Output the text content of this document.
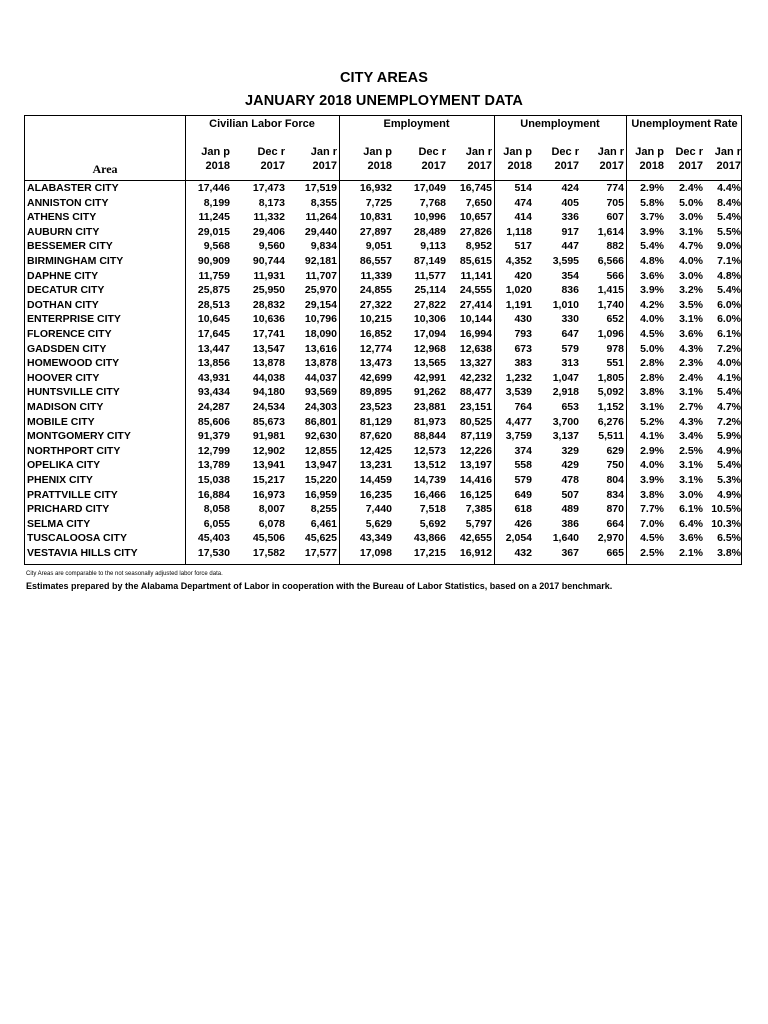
CITY AREAS
JANUARY 2018 UNEMPLOYMENT DATA
Area
Civilian Labor Force	Employment	Unemployment	Unemployment Rate
Jan p
2018
Dec r
2017
Jan r
2017
Jan p
2018
Dec r
2017
Jan r
2017
Jan p
2018
Dec r
2017
Jan r
2017
Jan p
2018
Dec r
2017
Jan r
2017
ALABASTER CITY	17,446	17,473	17,519	16,932	17,049	16,745	514	424	774	2.9%	2.4%	4.4%
ANNISTON CITY	8,199	8,173	8,355	7,725	7,768	7,650	474	405	705	5.8%	5.0%	8.4%
ATHENS CITY	11,245	11,332	11,264	10,831	10,996	10,657	414	336	607	3.7%	3.0%	5.4%
AUBURN CITY	29,015	29,406	29,440	27,897	28,489	27,826	1,118	917	1,614	3.9%	3.1%	5.5%
BESSEMER CITY	9,568	9,560	9,834	9,051	9,113	8,952	517	447	882	5.4%	4.7%	9.0%
BIRMINGHAM CITY	90,909	90,744	92,181	86,557	87,149	85,615	4,352	3,595	6,566	4.8%	4.0%	7.1%
DAPHNE CITY	11,759	11,931	11,707	11,339	11,577	11,141	420	354	566	3.6%	3.0%	4.8%
DECATUR CITY	25,875	25,950	25,970	24,855	25,114	24,555	1,020	836	1,415	3.9%	3.2%	5.4%
DOTHAN CITY	28,513	28,832	29,154	27,322	27,822	27,414	1,191	1,010	1,740	4.2%	3.5%	6.0%
ENTERPRISE CITY	10,645	10,636	10,796	10,215	10,306	10,144	430	330	652	4.0%	3.1%	6.0%
FLORENCE CITY	17,645	17,741	18,090	16,852	17,094	16,994	793	647	1,096	4.5%	3.6%	6.1%
GADSDEN CITY	13,447	13,547	13,616	12,774	12,968	12,638	673	579	978	5.0%	4.3%	7.2%
HOMEWOOD CITY	13,856	13,878	13,878	13,473	13,565	13,327	383	313	551	2.8%	2.3%	4.0%
HOOVER CITY	43,931	44,038	44,037	42,699	42,991	42,232	1,232	1,047	1,805	2.8%	2.4%	4.1%
HUNTSVILLE CITY	93,434	94,180	93,569	89,895	91,262	88,477	3,539	2,918	5,092	3.8%	3.1%	5.4%
MADISON CITY	24,287	24,534	24,303	23,523	23,881	23,151	764	653	1,152	3.1%	2.7%	4.7%
MOBILE CITY	85,606	85,673	86,801	81,129	81,973	80,525	4,477	3,700	6,276	5.2%	4.3%	7.2%
MONTGOMERY CITY	91,379	91,981	92,630	87,620	88,844	87,119	3,759	3,137	5,511	4.1%	3.4%	5.9%
NORTHPORT CITY	12,799	12,902	12,855	12,425	12,573	12,226	374	329	629	2.9%	2.5%	4.9%
OPELIKA CITY	13,789	13,941	13,947	13,231	13,512	13,197	558	429	750	4.0%	3.1%	5.4%
PHENIX CITY	15,038	15,217	15,220	14,459	14,739	14,416	579	478	804	3.9%	3.1%	5.3%
PRATTVILLE CITY	16,884	16,973	16,959	16,235	16,466	16,125	649	507	834	3.8%	3.0%	4.9%
PRICHARD CITY	8,058	8,007	8,255	7,440	7,518	7,385	618	489	870	7.7%	6.1% 10.5%
SELMA CITY	6,055	6,078	6,461	5,629	5,692	5,797	426	386	664	7.0%	6.4% 10.3%
TUSCALOOSA CITY	45,403	45,506	45,625	43,349	43,866	42,655	2,054	1,640	2,970	4.5%	3.6%	6.5%
VESTAVIA HILLS CITY	17,530	17,582	17,577	17,098	17,215	16,912	432	367	665	2.5%	2.1%	3.8%
City Areas are comparable to the not seasonally adjusted labor force data.
Estimates prepared by the Alabama Department of Labor in cooperation with the Bureau of Labor Statistics, based on a 2017 benchmark.
